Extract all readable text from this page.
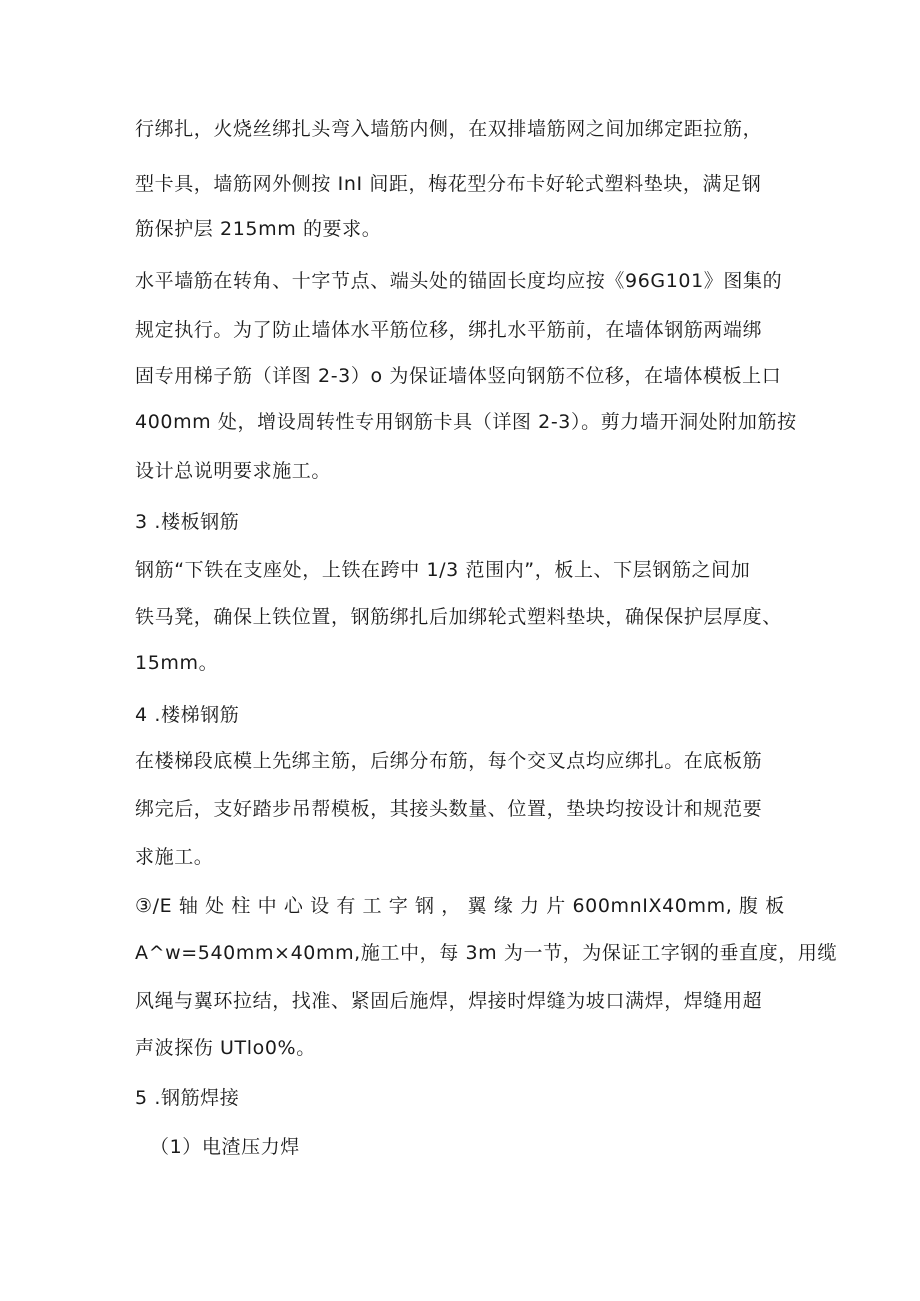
行绑扎，火烧丝绑扎头弯入墙筋内侧，在双排墙筋网之间加绑定距拉筋，
型卡具，墙筋网外侧按 InI 间距，梅花型分布卡好轮式塑料垫块，满足钢
筋保护层 215mm 的要求。
水平墙筋在转角、十字节点、端头处的锚固长度均应按《96G101》图集的
规定执行。为了防止墙体水平筋位移，绑扎水平筋前，在墙体钢筋两端绑
固专用梯子筋（详图 2-3）o 为保证墙体竖向钢筋不位移，在墙体模板上口
400mm 处，增设周转性专用钢筋卡具（详图 2-3）。剪力墙开洞处附加筋按
设计总说明要求施工。
3 .楼板钢筋
钢筋“下铁在支座处，上铁在跨中 1/3 范围内”，板上、下层钢筋之间加
铁马凳，确保上铁位置，钢筋绑扎后加绑轮式塑料垫块，确保保护层厚度、
15mm。
4 .楼梯钢筋
在楼梯段底模上先绑主筋，后绑分布筋，每个交叉点均应绑扎。在底板筋
绑完后，支好踏步吊帮模板，其接头数量、位置，垫块均按设计和规范要
求施工。
③/E 轴 处 柱 中 心 设 有 工 字 钢 ， 翼 缘 力 片 600mnIX40mm, 腹 板
A^w=540mm×40mm,施工中，每 3m 为一节，为保证工字钢的垂直度，用缆
风绳与翼环拉结，找准、紧固后施焊，焊接时焊缝为坡口满焊，焊缝用超
声波探伤 UTlo0%。
5 .钢筋焊接
（1）电渣压力焊
